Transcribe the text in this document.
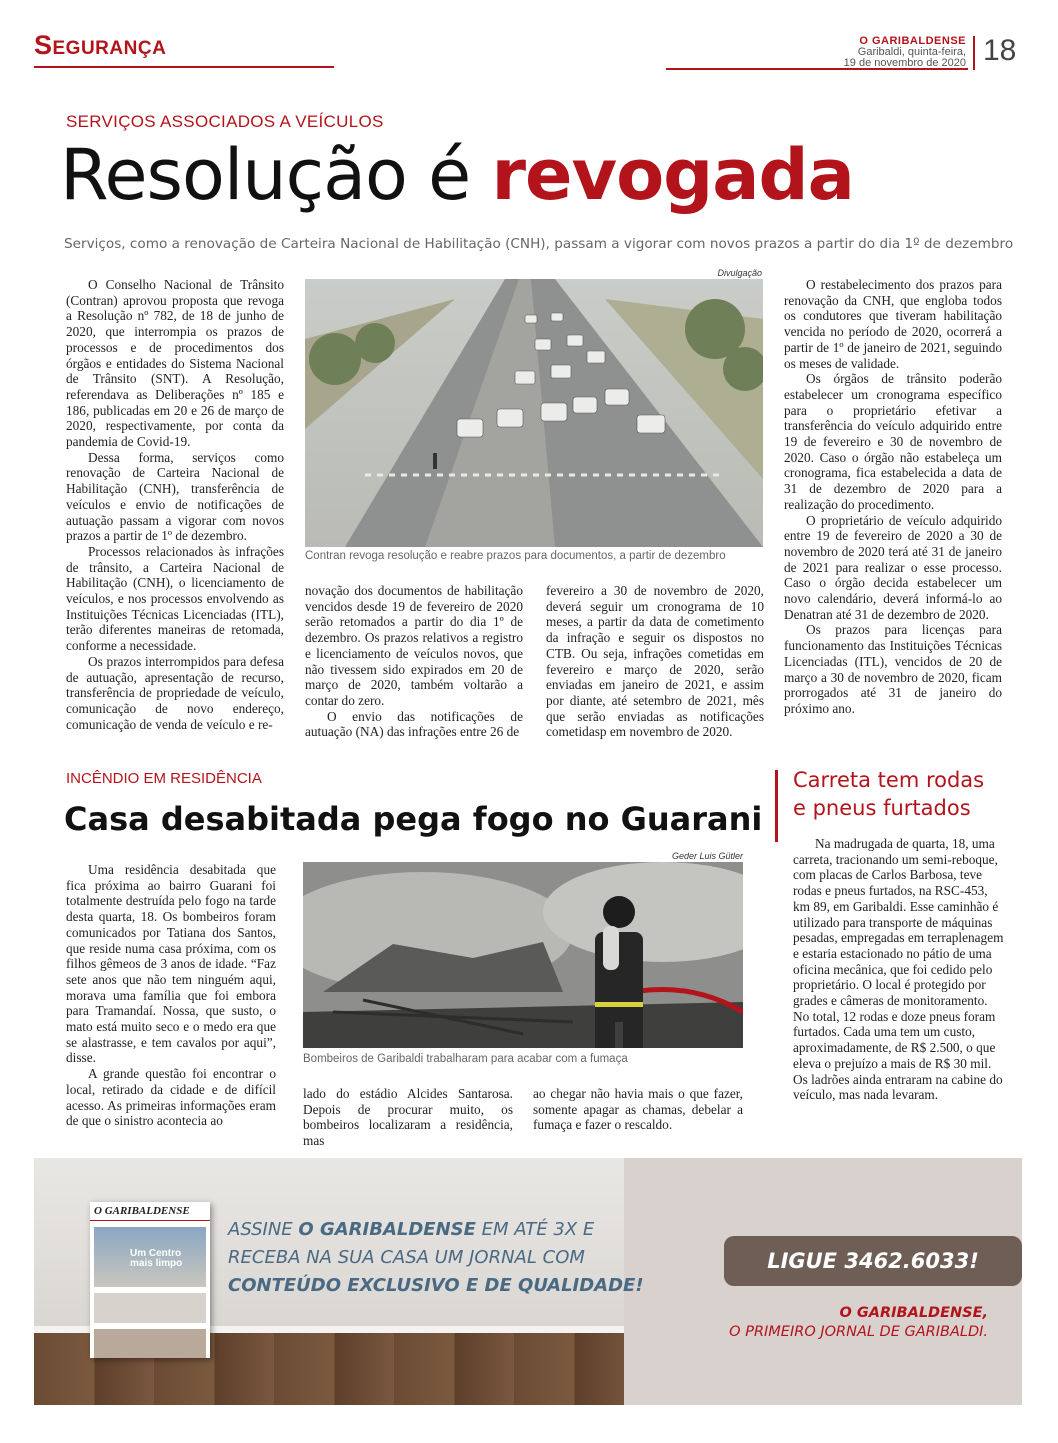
Segurança	O GARIBALDENSE
Garibaldi, quinta-feira,
19 de novembro de 2020 18
SERVIÇOS ASSOCIADOS A VEÍCULOS
Resolução é revogada
Serviços, como a renovação de Carteira Nacional de Habilitação (CNH), passam a vigorar com novos prazos a partir do dia 1º de dezembro

O Conselho Nacional de Trânsito (Contran) aprovou proposta que revoga a Resolução nº 782, de 18 de junho de 2020, que interrompia os prazos de processos e de procedimentos dos órgãos e entidades do Sistema Nacional de Trânsito (SNT). A Resolução, referendava as Deliberações nº 185 e 186, publicadas em 20 e 26 de março de 2020, respectivamente, por conta da pandemia de Covid-19.

Dessa forma, serviços como renovação de Carteira Nacional de Habilitação (CNH), transferência de veículos e envio de notificações de autuação passam a vigorar com novos prazos a partir de 1º de dezembro.

Processos relacionados às infrações de trânsito, a Carteira Nacional de Habilitação (CNH), o licenciamento de veículos, e nos processos envolvendo as Instituições Técnicas Licenciadas (ITL), terão diferentes maneiras de retomada, conforme a necessidade.

Os prazos interrompidos para defesa de autuação, apresentação de recurso, transferência de propriedade de veículo, comunicação de novo endereço, comunicação de venda de veículo e re-

Divulgação
Contran revoga resolução e reabre prazos para documentos, a partir de dezembro

novação dos documentos de habilitação vencidos desde 19 de fevereiro de 2020 serão retomados a partir do dia 1º de dezembro. Os prazos relativos a registro e licenciamento de veículos novos, que não tivessem sido expirados em 20 de março de 2020, também voltarão a contar do zero.

O envio das notificações de autuação (NA) das infrações entre 26 de

fevereiro a 30 de novembro de 2020, deverá seguir um cronograma de 10 meses, a partir da data de cometimento da infração e seguir os dispostos no CTB. Ou seja, infrações cometidas em fevereiro e março de 2020, serão enviadas em janeiro de 2021, e assim por diante, até setembro de 2021, mês que serão enviadas as notificações cometidasp em novembro de 2020.

O restabelecimento dos prazos para renovação da CNH, que engloba todos os condutores que tiveram habilitação vencida no período de 2020, ocorrerá a partir de 1º de janeiro de 2021, seguindo os meses de validade.

Os órgãos de trânsito poderão estabelecer um cronograma específico para o proprietário efetivar a transferência do veículo adquirido entre 19 de fevereiro e 30 de novembro de 2020. Caso o órgão não estabeleça um cronograma, fica estabelecida a data de 31 de dezembro de 2020 para a realização do procedimento.

O proprietário de veículo adquirido entre 19 de fevereiro de 2020 a 30 de novembro de 2020 terá até 31 de janeiro de 2021 para realizar o esse processo. Caso o órgão decida estabelecer um novo calendário, deverá informá-lo ao Denatran até 31 de dezembro de 2020.

Os prazos para licenças para funcionamento das Instituições Técnicas Licenciadas (ITL), vencidos de 20 de março a 30 de novembro de 2020, ficam prorrogados até 31 de janeiro do próximo ano.

INCÊNDIO EM RESIDÊNCIA
Casa desabitada pega fogo no Guarani

Uma residência desabitada que fica próxima ao bairro Guarani foi totalmente destruída pelo fogo na tarde desta quarta, 18. Os bombeiros foram comunicados por Tatiana dos Santos, que reside numa casa próxima, com os filhos gêmeos de 3 anos de idade. “Faz sete anos que não tem ninguém aqui, morava uma família que foi embora para Tramandaí. Nossa, que susto, o mato está muito seco e o medo era que se alastrasse, e tem cavalos por aqui”, disse.

A grande questão foi encontrar o local, retirado da cidade e de difícil acesso. As primeiras informações eram de que o sinistro acontecia ao

Geder Luis Gütler
Bombeiros de Garibaldi trabalharam para acabar com a fumaça

lado do estádio Alcides Santarosa. Depois de procurar muito, os bombeiros localizaram a residência, mas

ao chegar não havia mais o que fazer, somente apagar as chamas, debelar a fumaça e fazer o rescaldo.

Carreta tem rodas
e pneus furtados

Na madrugada de quarta, 18, uma carreta, tracionando um semi-reboque, com placas de Carlos Barbosa, teve rodas e pneus furtados, na RSC-453, km 89, em Garibaldi. Esse caminhão é utilizado para transporte de máquinas pesadas, empregadas em terraplenagem e estaria estacionado no pátio de uma oficina mecânica, que foi cedido pelo proprietário. O local é protegido por grades e câmeras de monitoramento. No total, 12 rodas e doze pneus foram furtados. Cada uma tem um custo, aproximadamente, de R$ 2.500, o que eleva o prejuízo a mais de R$ 30 mil. Os ladrões ainda entraram na cabine do veículo, mas nada levaram.

O GARIBALDENSE
Um Centro mais limpo
ASSINE O GARIBALDENSE EM ATÉ 3X E
RECEBA NA SUA CASA UM JORNAL COM
CONTEÚDO EXCLUSIVO E DE QUALIDADE!
LIGUE 3462.6033!
O GARIBALDENSE,
O PRIMEIRO JORNAL DE GARIBALDI.
